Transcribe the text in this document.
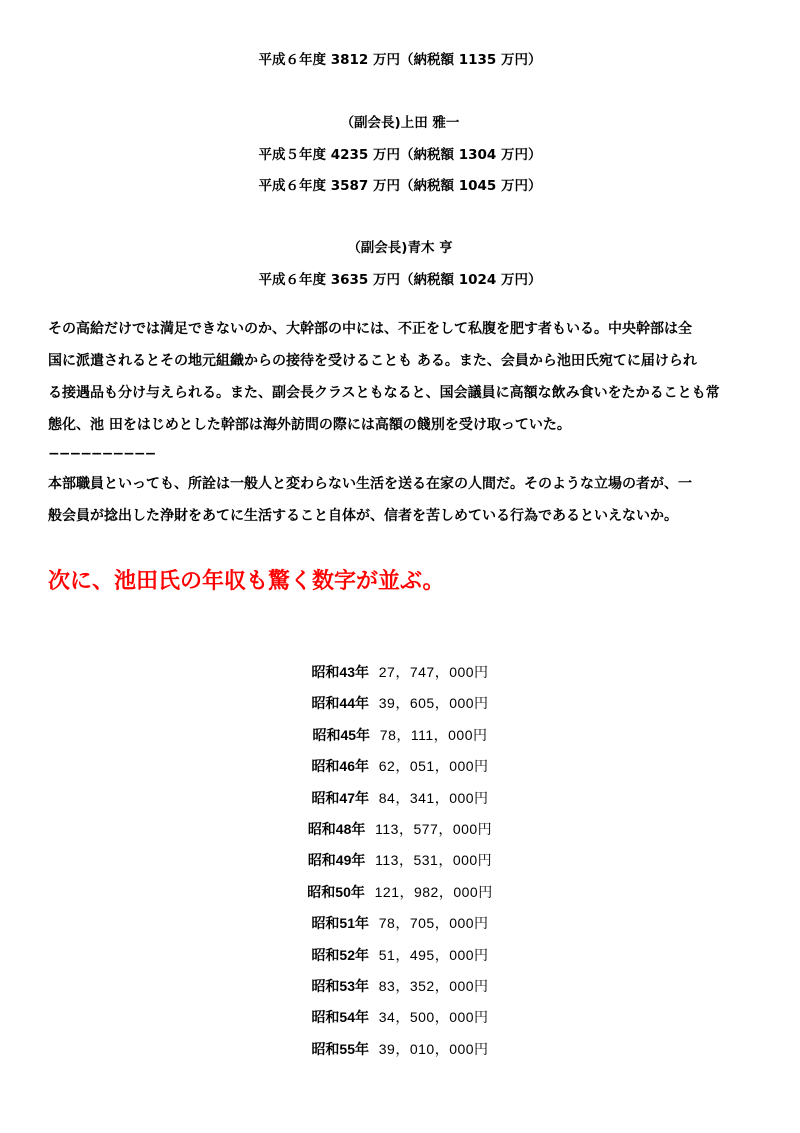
平成６年度 3812 万円（納税額 1135 万円）
（副会長)上田 雅一
平成５年度 4235 万円（納税額 1304 万円）
平成６年度 3587 万円（納税額 1045 万円）
（副会長)青木 亨
平成６年度 3635 万円（納税額 1024 万円）
その高給だけでは満足できないのか、大幹部の中には、不正をして私腹を肥す者もいる。中央幹部は全
国に派遣されるとその地元組織からの接待を受けることも ある。また、会員から池田氏宛てに届けられ
る接遇品も分け与えられる。また、副会長クラスともなると、国会議員に高額な飲み食いをたかることも常
態化、池 田をはじめとした幹部は海外訪問の際には高額の餞別を受け取っていた。
−−−−−−−−−−
本部職員といっても、所詮は一般人と変わらない生活を送る在家の人間だ。そのような立場の者が、一
般会員が捻出した浄財をあてに生活すること自体が、信者を苦しめている行為であるといえないか。
次に、池田氏の年収も驚く数字が並ぶ。
昭和43年 27，747，000円
昭和44年 39，605，000円
昭和45年 78，111，000円
昭和46年 62，051，000円
昭和47年 84，341，000円
昭和48年 113，577，000円
昭和49年 113，531，000円
昭和50年 121，982，000円
昭和51年 78，705，000円
昭和52年 51，495，000円
昭和53年 83，352，000円
昭和54年 34，500，000円
昭和55年 39，010，000円
